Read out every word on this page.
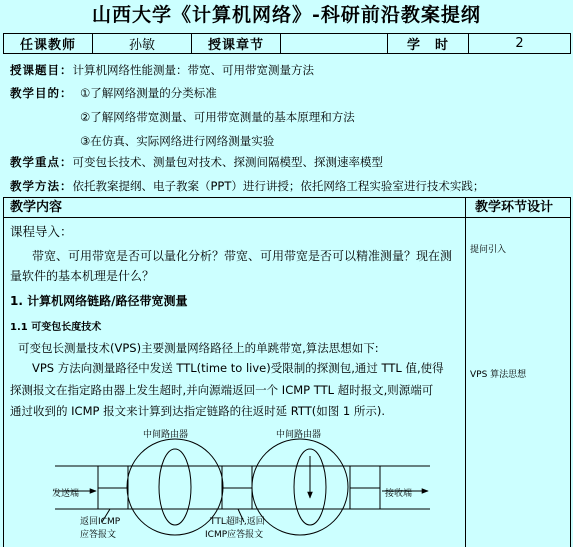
山西大学《计算机网络》-科研前沿教案提纲
任课教师	孙敏	授课章节		学　时	2
授课题目：计算机网络性能测量：带宽、可用带宽测量方法
教学目的： ①了解网络测量的分类标准
②了解网络带宽测量、可用带宽测量的基本原理和方法
③在仿真、实际网络进行网络测量实验
教学重点：可变包长技术、测量包对技术、探测间隔模型、探测速率模型
教学方法：依托教案提纲、电子教案（PPT）进行讲授；依托网络工程实验室进行技术实践；
教学内容	教学环节设计
课程导入：
带宽、可用带宽是否可以量化分析？带宽、可用带宽是否可以精准测量？现在测
量软件的基本机理是什么？
1. 计算机网络链路/路径带宽测量
1.1 可变包长度技术
可变包长测量技术(VPS)主要测量网络路径上的单跳带宽,算法思想如下:
VPS 方法向测量路径中发送 TTL(time to live)受限制的探测包,通过 TTL 值,使得
探测报文在指定路由器上发生超时,并向源端返回一个 ICMP TTL 超时报文,则源端可
通过收到的 ICMP 报文来计算到达指定链路的往返时延 RTT(如图 1 所示).
提问引入
VPS 算法思想
中间路由器	中间路由器
发送端	接收端
返回ICMP
应答报文
TTL超时,返回
ICMP应答报文
